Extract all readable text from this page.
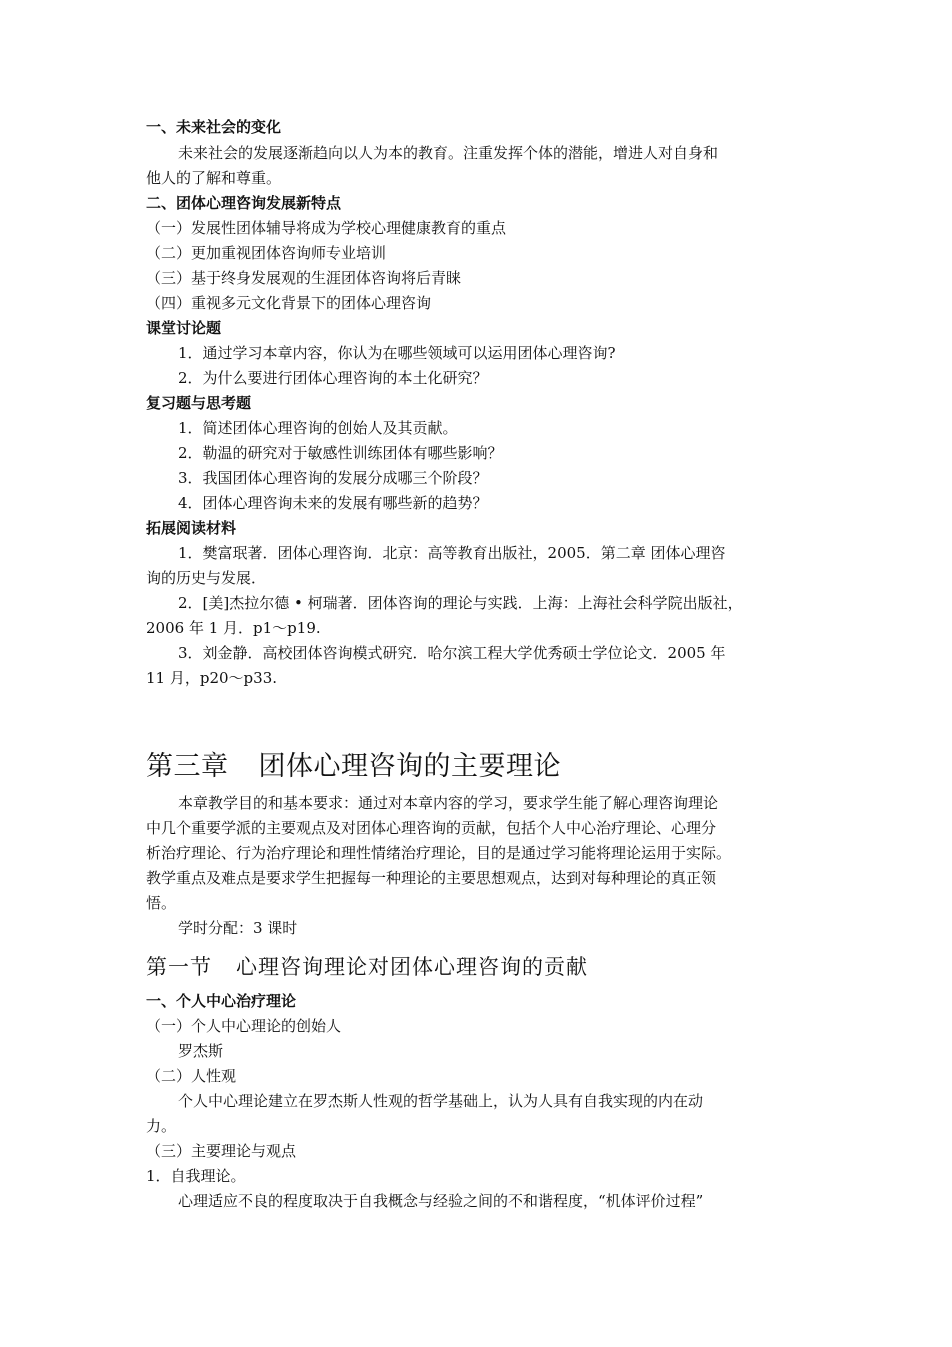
一、未来社会的变化
未来社会的发展逐渐趋向以人为本的教育。注重发挥个体的潜能，增进人对自身和
他人的了解和尊重。
二、团体心理咨询发展新特点
（一）发展性团体辅导将成为学校心理健康教育的重点
（二）更加重视团体咨询师专业培训
（三）基于终身发展观的生涯团体咨询将后青睐
（四）重视多元文化背景下的团体心理咨询
课堂讨论题
1．通过学习本章内容，你认为在哪些领域可以运用团体心理咨询?
2．为什么要进行团体心理咨询的本土化研究？
复习题与思考题
1．简述团体心理咨询的创始人及其贡献。
2．勒温的研究对于敏感性训练团体有哪些影响？
3．我国团体心理咨询的发展分成哪三个阶段？
4．团体心理咨询未来的发展有哪些新的趋势？
拓展阅读材料
1．樊富珉著．团体心理咨询．北京：高等教育出版社，2005．第二章 团体心理咨
询的历史与发展．
2．[美]杰拉尔德 • 柯瑞著．团体咨询的理论与实践．上海：上海社会科学院出版社，
2006 年 1 月．p1～p19.
3．刘金静．高校团体咨询模式研究．哈尔滨工程大学优秀硕士学位论文．2005 年
11 月，p20～p33.
第三章 团体心理咨询的主要理论
本章教学目的和基本要求：通过对本章内容的学习，要求学生能了解心理咨询理论
中几个重要学派的主要观点及对团体心理咨询的贡献，包括个人中心治疗理论、心理分
析治疗理论、行为治疗理论和理性情绪治疗理论，目的是通过学习能将理论运用于实际。
教学重点及难点是要求学生把握每一种理论的主要思想观点，达到对每种理论的真正领
悟。
学时分配：3 课时
第一节 心理咨询理论对团体心理咨询的贡献
一、个人中心治疗理论
（一）个人中心理论的创始人
罗杰斯
（二）人性观
个人中心理论建立在罗杰斯人性观的哲学基础上，认为人具有自我实现的内在动
力。
（三）主要理论与观点
1．自我理论。
心理适应不良的程度取决于自我概念与经验之间的不和谐程度，“机体评价过程”
